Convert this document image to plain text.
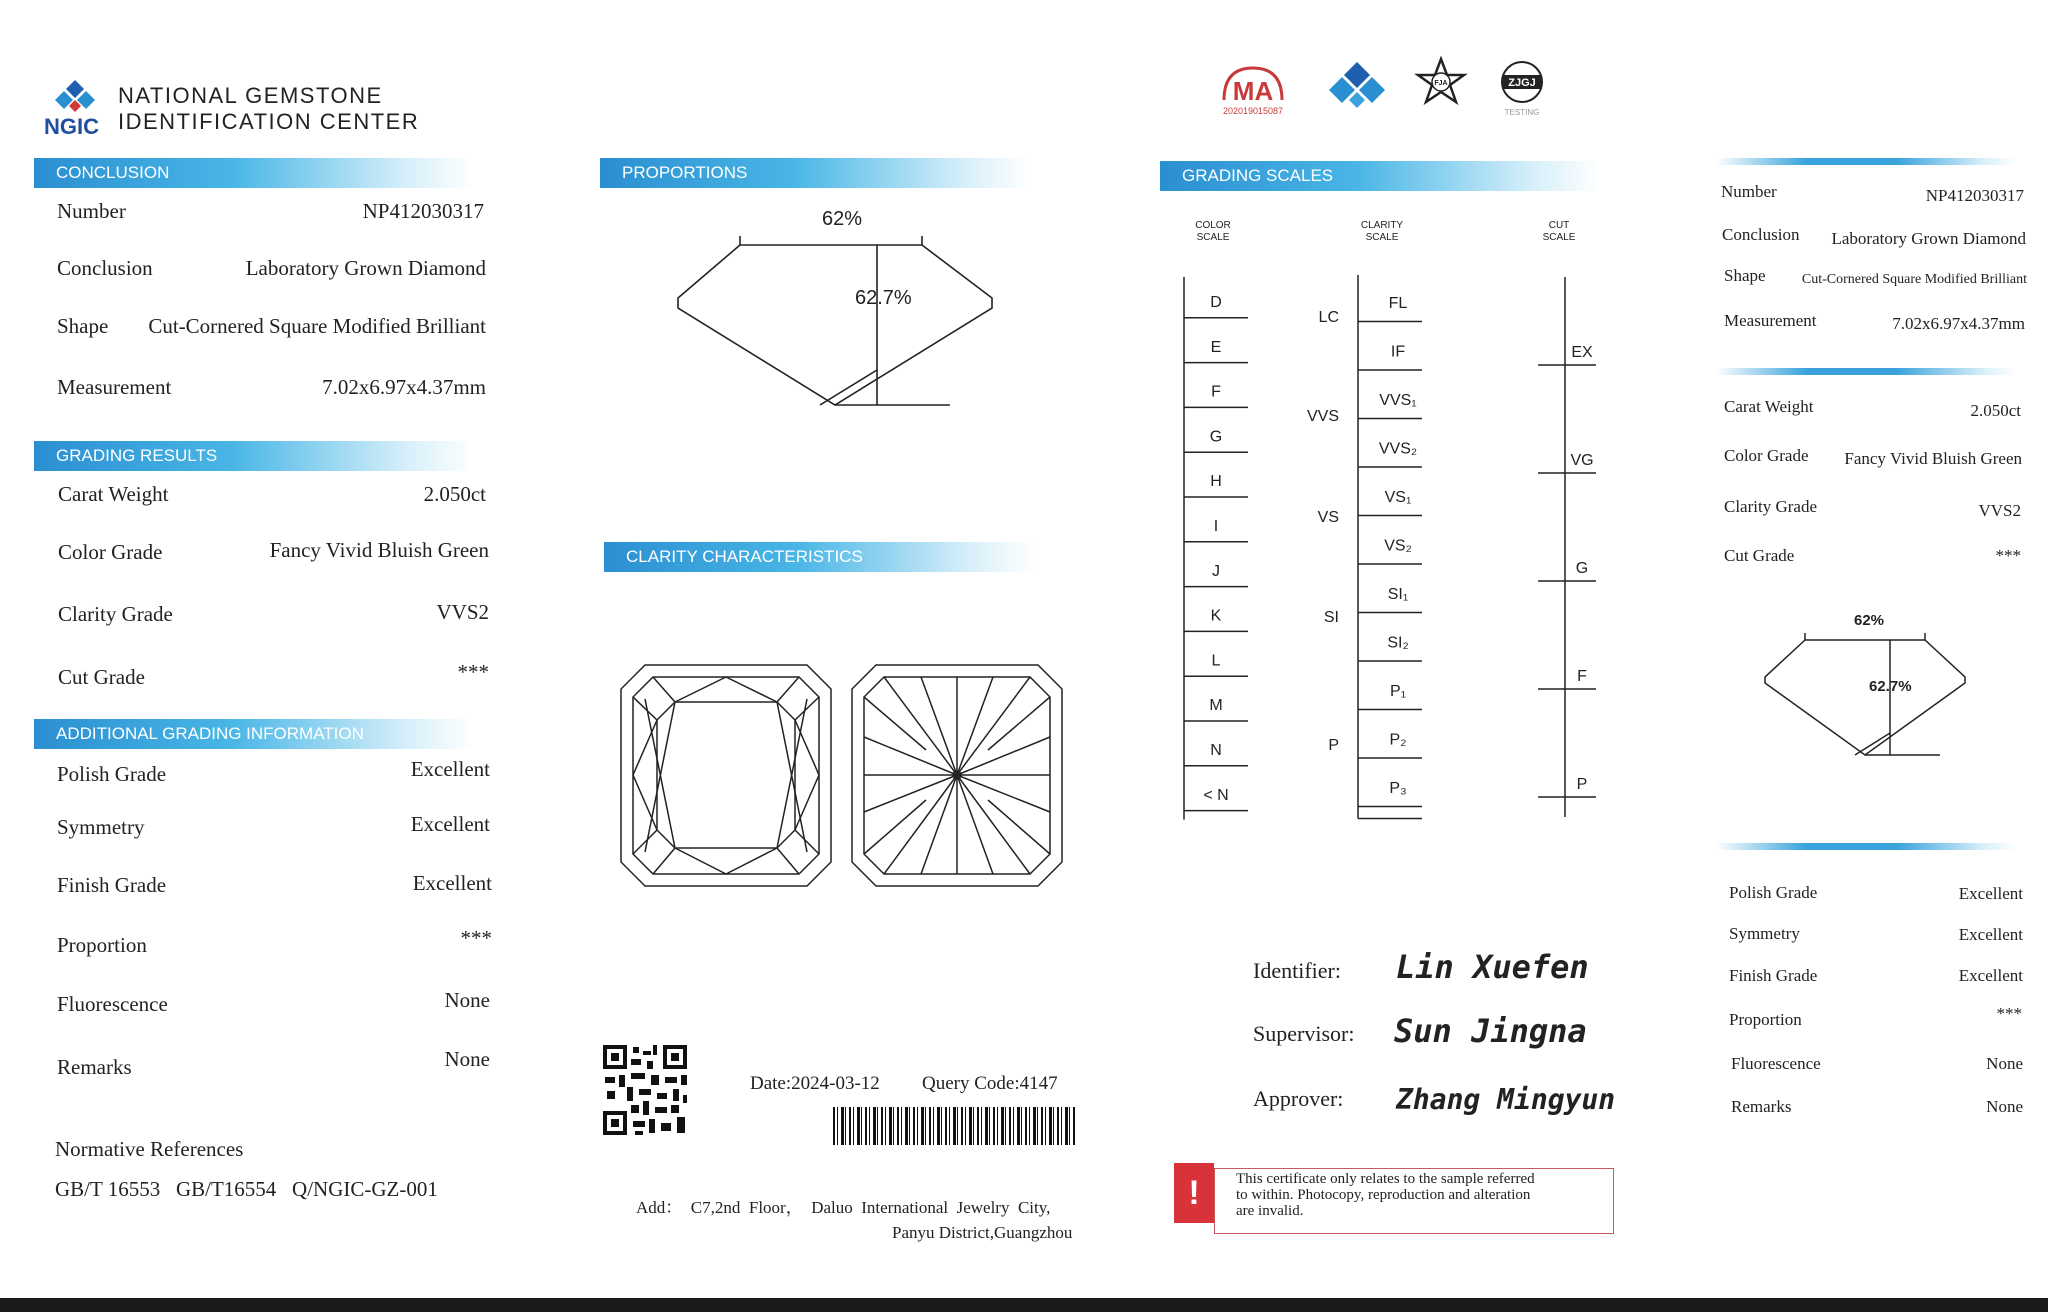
NGIC
NATIONAL GEMSTONE
IDENTIFICATION CENTER
CONCLUSION
Number	NP412030317
Conclusion	Laboratory Grown Diamond
Shape Cut-Cornered Square Modified Brilliant
Measurement	7.02x6.97x4.37mm
GRADING RESULTS
Carat Weight	2.050ct
Color Grade	Fancy Vivid Bluish Green
Clarity Grade	VVS2
Cut Grade	***
ADDITIONAL GRADING INFORMATION
Polish Grade	Excellent
Symmetry	Excellent
Finish Grade	Excellent
Proportion	***
Fluorescence	None
Remarks	None
Normative References
GB/T 16553   GB/T16554   Q/NGIC-GZ-001
PROPORTIONS
62%
62.7%
CLARITY CHARACTERISTICS
Date:2024-03-12 Query Code:4147
Add：  C7,2nd  Floor，  Daluo  International  Jewelry  City,
Panyu District,Guangzhou
MA
202019015087
FJA	ZJGJ
TESTING
GRADING SCALES
COLOR
SCALE
CLARITY
SCALE
CUT
SCALE
D
E
F
G
H
I
J
K
L
M
N
< N
FL
IF
VVS₁
VVS₂
VS₁
VS₂
SI₁
SI₂
P₁
P₂
P₃
LC
VVS
VS
SI
P
EX
VG
G
F
P
Identifier: Lin Xuefen
Supervisor: Sun Jingna
Approver: Zhang Mingyun
!	This certificate only relates to the sample referred
to within. Photocopy, reproduction and alteration
are invalid.
Number	NP412030317
Conclusion Laboratory Grown Diamond
Shape	Cut-Cornered Square Modified Brilliant
Measurement	7.02x6.97x4.37mm
Carat Weight	2.050ct
Color Grade Fancy Vivid Bluish Green
Clarity Grade	VVS2
Cut Grade	***
62%
62.7%
Polish Grade	Excellent
Symmetry	Excellent
Finish Grade	Excellent
Proportion	***
Fluorescence	None
Remarks	None
